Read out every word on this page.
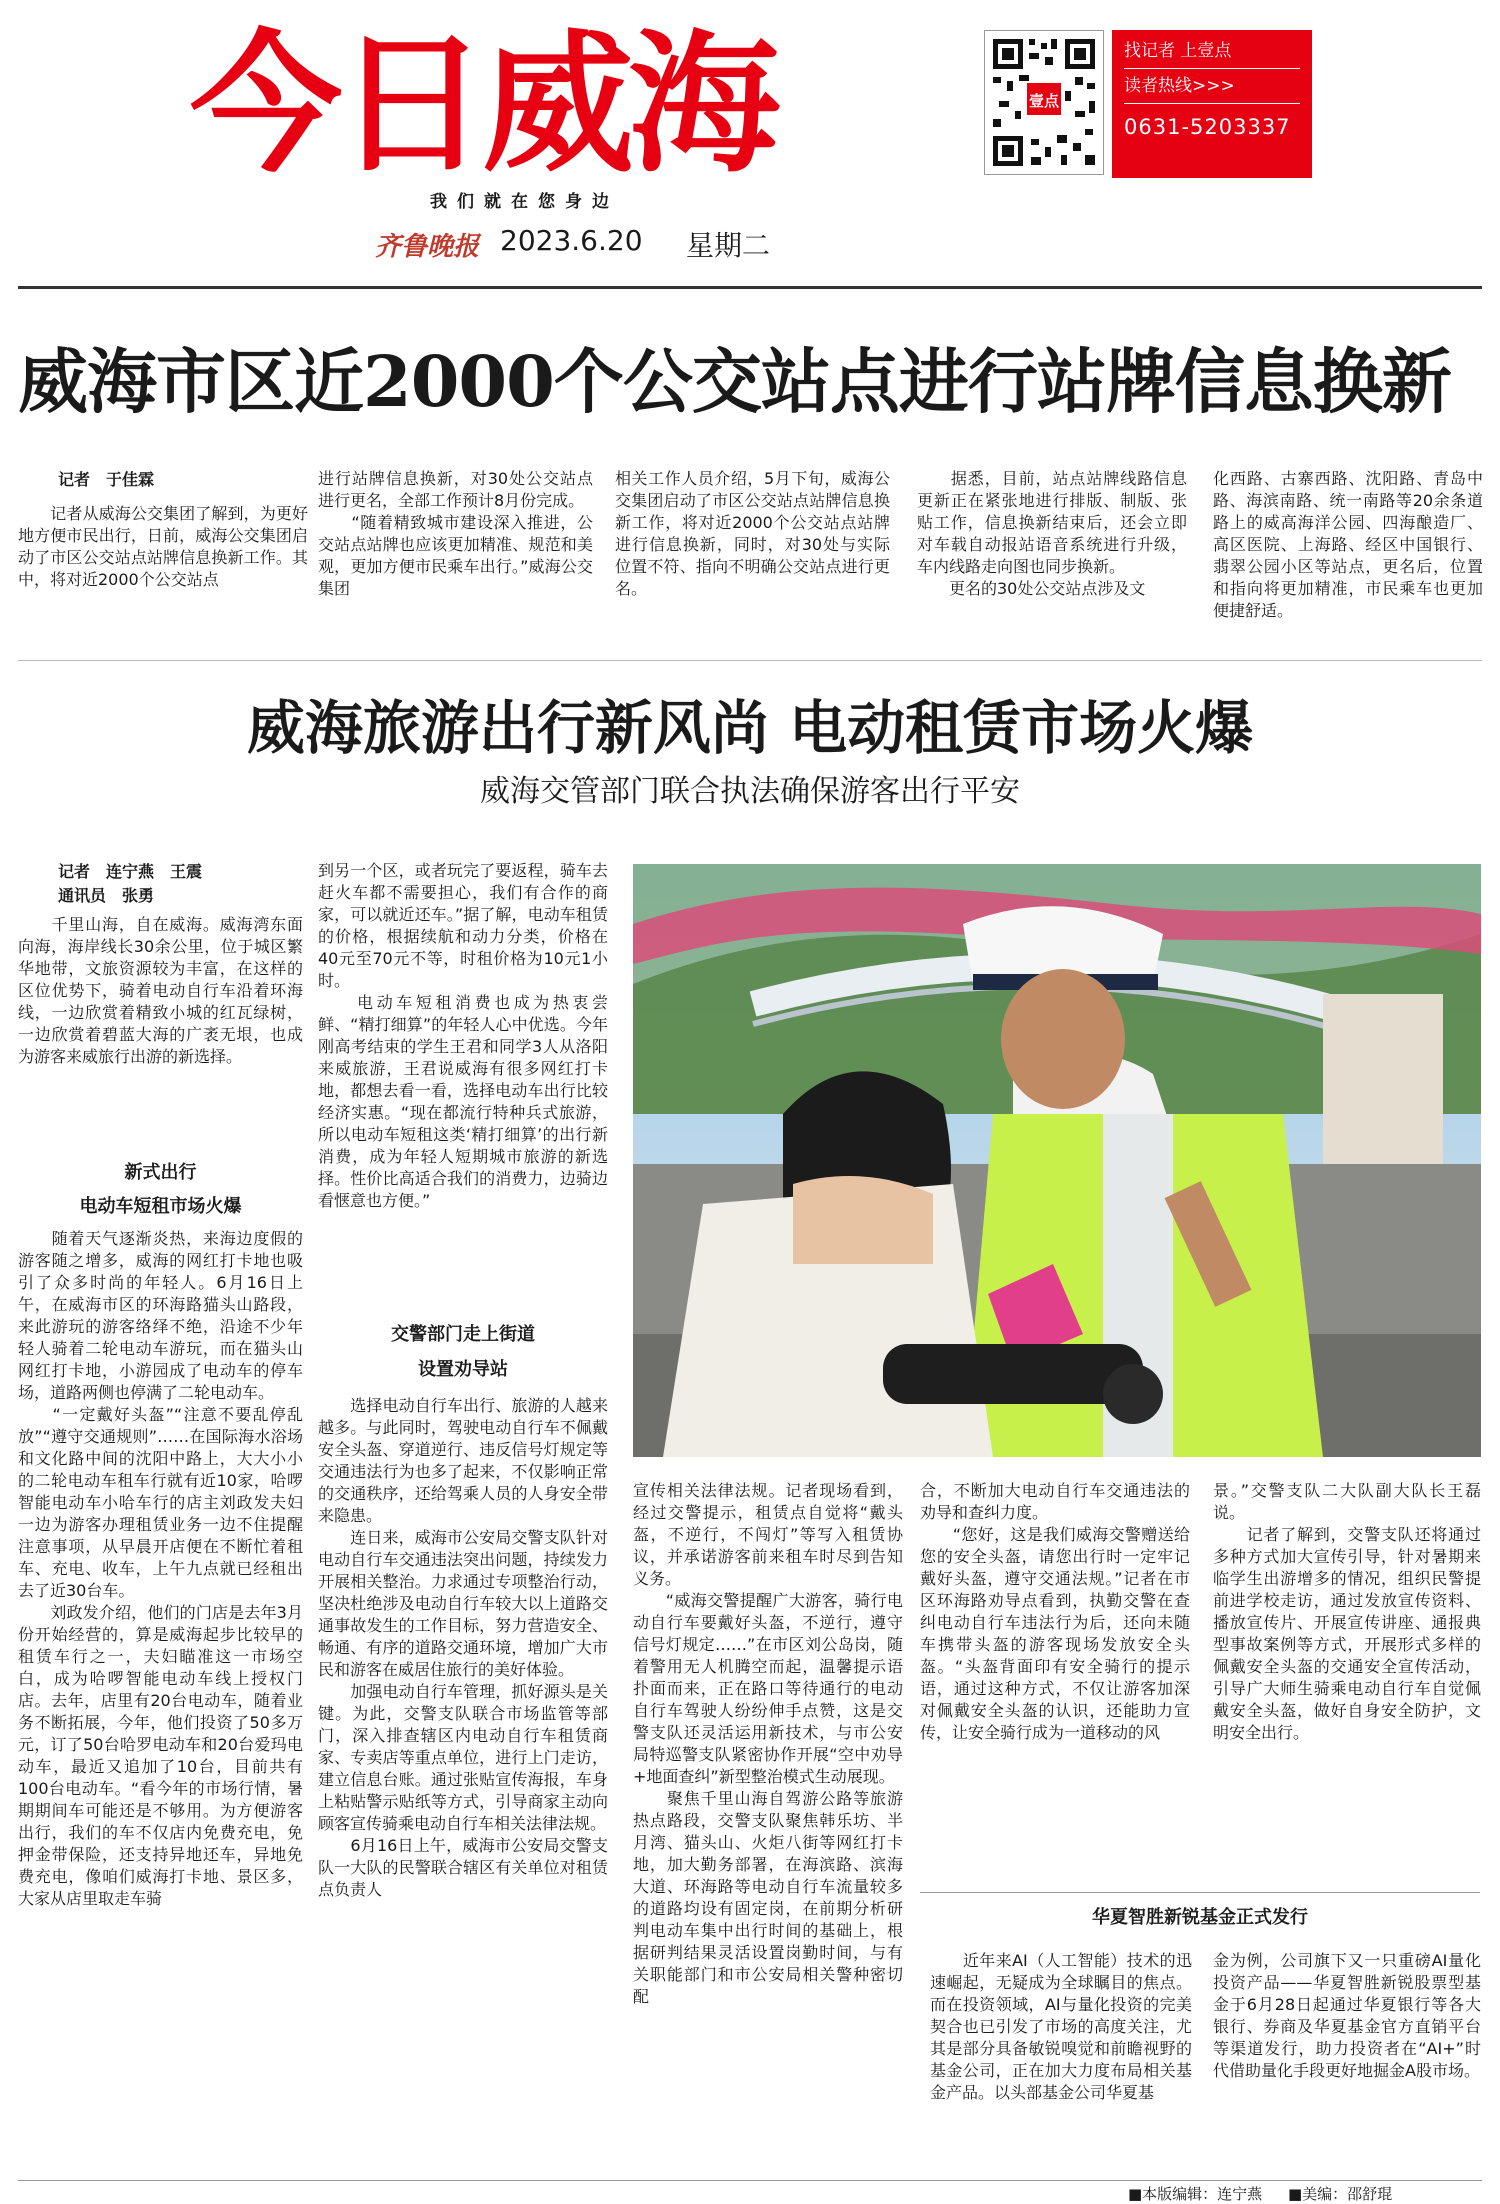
今日威海
我们就在您身边
齐鲁晚报 2023.6.20 星期二
壹点
找记者 上壹点
读者热线>>>
0631-5203337
威海市区近2000个公交站点进行站牌信息换新
记者　于佳霖
　　记者从威海公交集团了解到，为更好地方便市民出行，日前，威海公交集团启动了市区公交站点站牌信息换新工作。其中，将对近2000个公交站点
进行站牌信息换新，对30处公交站点进行更名，全部工作预计8月份完成。
　　“随着精致城市建设深入推进，公交站点站牌也应该更加精准、规范和美观，更加方便市民乘车出行。”威海公交集团
相关工作人员介绍，5月下旬，威海公交集团启动了市区公交站点站牌信息换新工作，将对近2000个公交站点站牌进行信息换新，同时，对30处与实际位置不符、指向不明确公交站点进行更名。
　　据悉，目前，站点站牌线路信息更新正在紧张地进行排版、制版、张贴工作，信息换新结束后，还会立即对车载自动报站语音系统进行升级，车内线路走向图也同步换新。
　　更名的30处公交站点涉及文
化西路、古寨西路、沈阳路、青岛中路、海滨南路、统一南路等20余条道路上的威高海洋公园、四海酿造厂、高区医院、上海路、经区中国银行、翡翠公园小区等站点，更名后，位置和指向将更加精准，市民乘车也更加便捷舒适。
威海旅游出行新风尚 电动租赁市场火爆
威海交管部门联合执法确保游客出行平安
记者　连宁燕　王震
通讯员　张勇
　　千里山海，自在威海。威海湾东面向海，海岸线长30余公里，位于城区繁华地带，文旅资源较为丰富，在这样的区位优势下，骑着电动自行车沿着环海线，一边欣赏着精致小城的红瓦绿树，一边欣赏着碧蓝大海的广袤无垠，也成为游客来威旅行出游的新选择。
新式出行
电动车短租市场火爆
　　随着天气逐渐炎热，来海边度假的游客随之增多，威海的网红打卡地也吸引了众多时尚的年轻人。6月16日上午，在威海市区的环海路猫头山路段，来此游玩的游客络绎不绝，沿途不少年轻人骑着二轮电动车游玩，而在猫头山网红打卡地，小游园成了电动车的停车场，道路两侧也停满了二轮电动车。
　　“一定戴好头盔”“注意不要乱停乱放”“遵守交通规则”……在国际海水浴场和文化路中间的沈阳中路上，大大小小的二轮电动车租车行就有近10家，哈啰智能电动车小哈车行的店主刘政发夫妇一边为游客办理租赁业务一边不住提醒注意事项，从早晨开店便在不断忙着租车、充电、收车，上午九点就已经租出去了近30台车。
　　刘政发介绍，他们的门店是去年3月份开始经营的，算是威海起步比较早的租赁车行之一，夫妇瞄准这一市场空白，成为哈啰智能电动车线上授权门店。去年，店里有20台电动车，随着业务不断拓展，今年，他们投资了50多万元，订了50台哈罗电动车和20台爱玛电动车，最近又追加了10台，目前共有100台电动车。“看今年的市场行情，暑期期间车可能还是不够用。为方便游客出行，我们的车不仅店内免费充电，免押金带保险，还支持异地还车，异地免费充电，像咱们威海打卡地、景区多，大家从店里取走车骑
到另一个区，或者玩完了要返程，骑车去赶火车都不需要担心，我们有合作的商家，可以就近还车。”据了解，电动车租赁的价格，根据续航和动力分类，价格在40元至70元不等，时租价格为10元1小时。
　　电动车短租消费也成为热衷尝鲜、“精打细算”的年轻人心中优选。今年刚高考结束的学生王君和同学3人从洛阳来威旅游，王君说威海有很多网红打卡地，都想去看一看，选择电动车出行比较经济实惠。“现在都流行特种兵式旅游，所以电动车短租这类‘精打细算’的出行新消费，成为年轻人短期城市旅游的新选择。性价比高适合我们的消费力，边骑边看惬意也方便。”
交警部门走上街道
设置劝导站
　　选择电动自行车出行、旅游的人越来越多。与此同时，驾驶电动自行车不佩戴安全头盔、穿道逆行、违反信号灯规定等交通违法行为也多了起来，不仅影响正常的交通秩序，还给驾乘人员的人身安全带来隐患。
　　连日来，威海市公安局交警支队针对电动自行车交通违法突出问题，持续发力开展相关整治。力求通过专项整治行动，坚决杜绝涉及电动自行车较大以上道路交通事故发生的工作目标，努力营造安全、畅通、有序的道路交通环境，增加广大市民和游客在威居住旅行的美好体验。
　　加强电动自行车管理，抓好源头是关键。为此，交警支队联合市场监管等部门，深入排查辖区内电动自行车租赁商家、专卖店等重点单位，进行上门走访，建立信息台账。通过张贴宣传海报，车身上粘贴警示贴纸等方式，引导商家主动向顾客宣传骑乘电动自行车相关法律法规。
　　6月16日上午，威海市公安局交警支队一大队的民警联合辖区有关单位对租赁点负责人
宣传相关法律法规。记者现场看到，经过交警提示，租赁点自觉将“戴头盔，不逆行，不闯灯”等写入租赁协议，并承诺游客前来租车时尽到告知义务。
　　“威海交警提醒广大游客，骑行电动自行车要戴好头盔，不逆行，遵守信号灯规定……”在市区刘公岛岗，随着警用无人机腾空而起，温馨提示语扑面而来，正在路口等待通行的电动自行车驾驶人纷纷伸手点赞，这是交警支队还灵活运用新技术，与市公安局特巡警支队紧密协作开展“空中劝导+地面查纠”新型整治模式生动展现。
　　聚焦千里山海自驾游公路等旅游热点路段，交警支队聚焦韩乐坊、半月湾、猫头山、火炬八街等网红打卡地，加大勤务部署，在海滨路、滨海大道、环海路等电动自行车流量较多的道路均设有固定岗，在前期分析研判电动车集中出行时间的基础上，根据研判结果灵活设置岗勤时间，与有关职能部门和市公安局相关警种密切配
合，不断加大电动自行车交通违法的劝导和查纠力度。
　　“您好，这是我们威海交警赠送给您的安全头盔，请您出行时一定牢记戴好头盔，遵守交通法规。”记者在市区环海路劝导点看到，执勤交警在查纠电动自行车违法行为后，还向未随车携带头盔的游客现场发放安全头盔。“头盔背面印有安全骑行的提示语，通过这种方式，不仅让游客加深对佩戴安全头盔的认识，还能助力宣传，让安全骑行成为一道移动的风
景。”交警支队二大队副大队长王磊说。
　　记者了解到，交警支队还将通过多种方式加大宣传引导，针对暑期来临学生出游增多的情况，组织民警提前进学校走访，通过发放宣传资料、播放宣传片、开展宣传讲座、通报典型事故案例等方式，开展形式多样的佩戴安全头盔的交通安全宣传活动，引导广大师生骑乘电动自行车自觉佩戴安全头盔，做好自身安全防护，文明安全出行。
华夏智胜新锐基金正式发行
　　近年来AI（人工智能）技术的迅速崛起，无疑成为全球瞩目的焦点。而在投资领域，AI与量化投资的完美契合也已引发了市场的高度关注，尤其是部分具备敏锐嗅觉和前瞻视野的基金公司，正在加大力度布局相关基金产品。以头部基金公司华夏基
金为例，公司旗下又一只重磅AI量化投资产品——华夏智胜新锐股票型基金于6月28日起通过华夏银行等各大银行、券商及华夏基金官方直销平台等渠道发行，助力投资者在“AI+”时代借助量化手段更好地掘金A股市场。
■本版编辑：连宁燕 ■美编：邵舒琨
